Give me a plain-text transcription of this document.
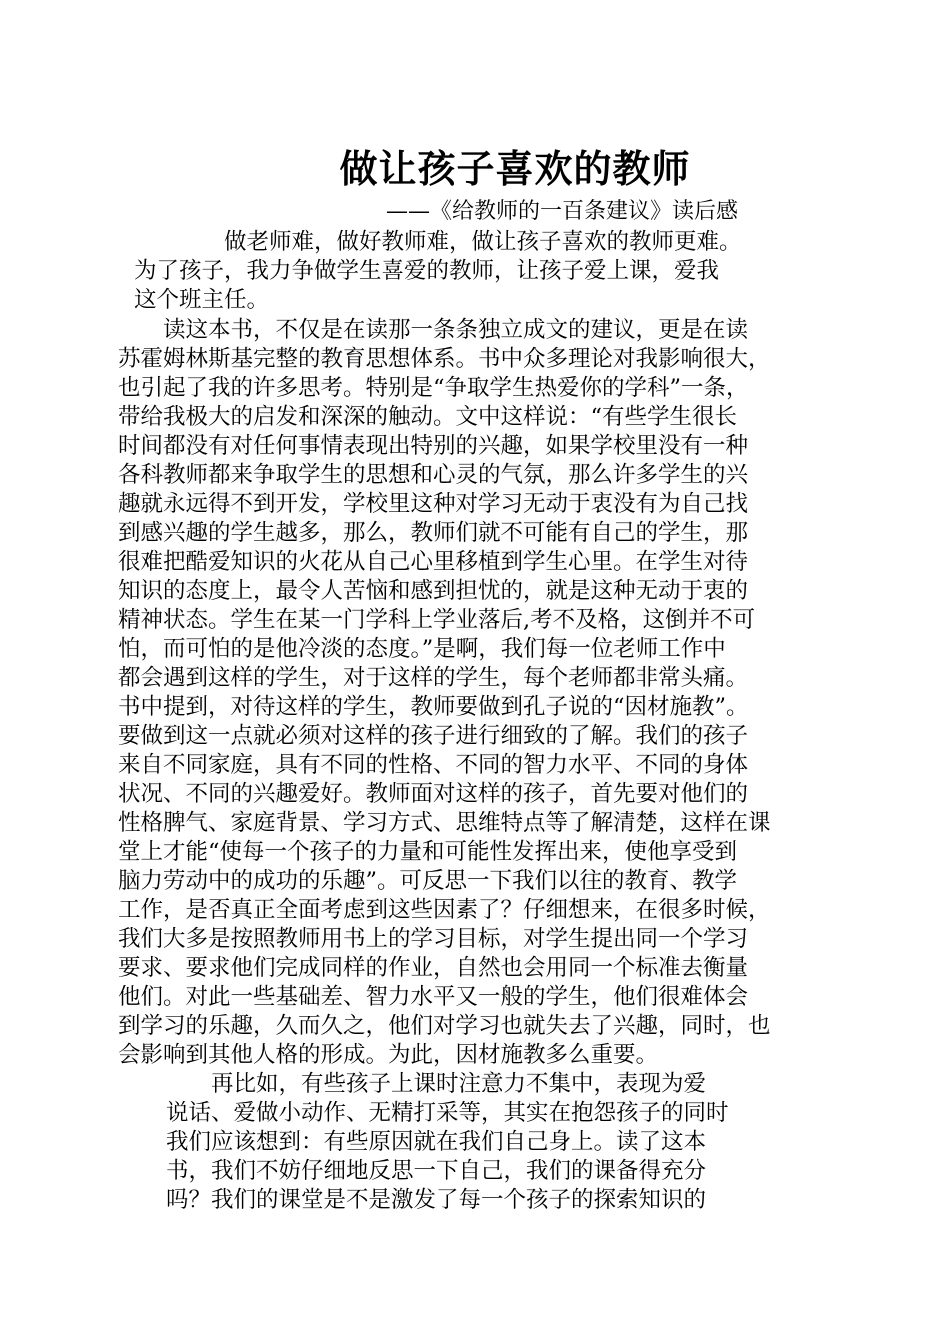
做让孩子喜欢的教师
——《给教师的一百条建议》读后感
　　　　做老师难，做好教师难，做让孩子喜欢的教师更难。
为了孩子，我力争做学生喜爱的教师，让孩子爱上课，爱我
这个班主任。
　　读这本书，不仅是在读那一条条独立成文的建议，更是在读
苏霍姆林斯基完整的教育思想体系。书中众多理论对我影响很大，
也引起了我的许多思考。特别是“争取学生热爱你的学科”一条，
带给我极大的启发和深深的触动。文中这样说：“有些学生很长
时间都没有对任何事情表现出特别的兴趣，如果学校里没有一种
各科教师都来争取学生的思想和心灵的气氛，那么许多学生的兴
趣就永远得不到开发，学校里这种对学习无动于衷没有为自己找
到感兴趣的学生越多，那么，教师们就不可能有自己的学生，那
很难把酷爱知识的火花从自己心里移植到学生心里。在学生对待
知识的态度上，最令人苦恼和感到担忧的，就是这种无动于衷的
精神状态。学生在某一门学科上学业落后,考不及格，这倒并不可
怕，而可怕的是他冷淡的态度。”是啊，我们每一位老师工作中
都会遇到这样的学生，对于这样的学生，每个老师都非常头痛。
书中提到，对待这样的学生，教师要做到孔子说的“因材施教”。
要做到这一点就必须对这样的孩子进行细致的了解。我们的孩子
来自不同家庭，具有不同的性格、不同的智力水平、不同的身体
状况、不同的兴趣爱好。教师面对这样的孩子，首先要对他们的
性格脾气、家庭背景、学习方式、思维特点等了解清楚，这样在课
堂上才能“使每一个孩子的力量和可能性发挥出来，使他享受到
脑力劳动中的成功的乐趣”。可反思一下我们以往的教育、教学
工作，是否真正全面考虑到这些因素了？仔细想来，在很多时候，
我们大多是按照教师用书上的学习目标，对学生提出同一个学习
要求、要求他们完成同样的作业，自然也会用同一个标准去衡量
他们。对此一些基础差、智力水平又一般的学生，他们很难体会
到学习的乐趣，久而久之，他们对学习也就失去了兴趣，同时，也
会影响到其他人格的形成。为此，因材施教多么重要。
　　再比如，有些孩子上课时注意力不集中，表现为爱
说话、爱做小动作、无精打采等，其实在抱怨孩子的同时
我们应该想到：有些原因就在我们自己身上。读了这本
书，我们不妨仔细地反思一下自己，我们的课备得充分
吗？我们的课堂是不是激发了每一个孩子的探索知识的
